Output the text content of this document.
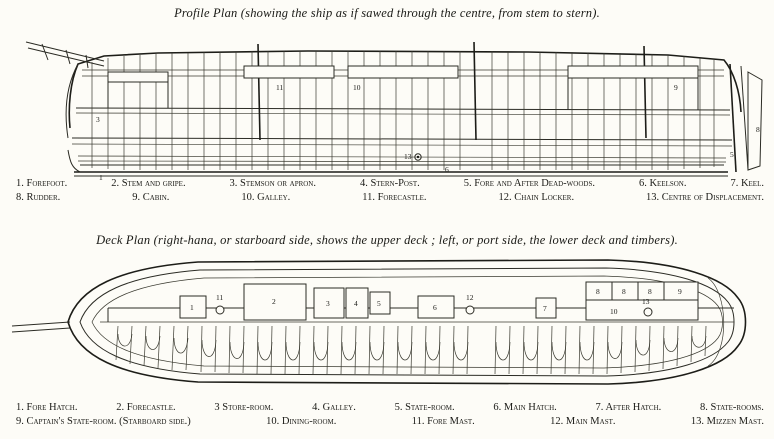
Profile Plan (showing the ship as if sawed through the centre, from stem to stern).
3
11	10	9
13
6
1
5
8
1. Forefoot.	2. Stem and gripe.	3. Stemson or apron.	4. Stern-Post.	5. Fore and After Dead-woods.	6. Keelson.	7. Keel.
8. Rudder.	9. Cabin.	10. Galley.	11. Forecastle.	12. Chain Locker.	13. Centre of Displacement.
Deck Plan (right-hana, or starboard side, shows the upper deck ; left, or port side, the lower deck and timbers).
1
2	3	4	5	6	7
8	8	8	9
10
11	12	13
1. Fore Hatch.	2. Forecastle.	3 Store-room.	4. Galley.	5. State-room.	6. Main Hatch.	7. After Hatch.	8. State-rooms.
9. Captain's State-room. (Starboard side.)	10. Dining-room.	11. Fore Mast.	12. Main Mast.	13. Mizzen Mast.
